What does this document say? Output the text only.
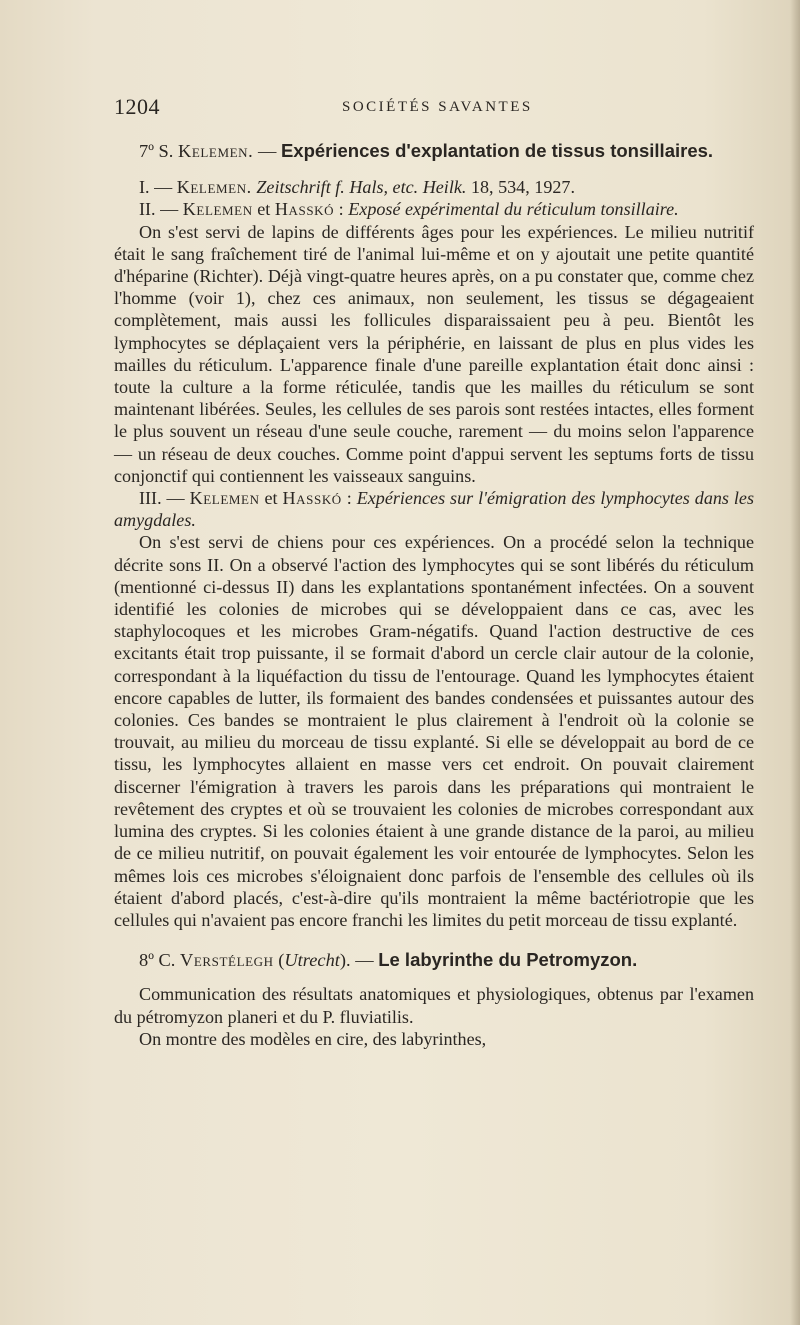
1204	SOCIÉTÉS SAVANTES

7º S. Kelemen. — Expériences d'explantation de tissus tonsillaires.

I. — Kelemen. Zeitschrift f. Hals, etc. Heilk. 18, 534, 1927.

II. — Kelemen et Hasskó : Exposé expérimental du réticulum tonsillaire.

On s'est servi de lapins de différents âges pour les expériences. Le milieu nutritif était le sang fraîchement tiré de l'animal lui-même et on y ajoutait une petite quantité d'héparine (Richter). Déjà vingt-quatre heures après, on a pu constater que, comme chez l'homme (voir 1), chez ces animaux, non seulement, les tissus se dégageaient complètement, mais aussi les follicules disparaissaient peu à peu. Bientôt les lymphocytes se déplaçaient vers la périphérie, en laissant de plus en plus vides les mailles du réticulum. L'apparence finale d'une pareille explantation était donc ainsi : toute la culture a la forme réticulée, tandis que les mailles du réticulum se sont maintenant libérées. Seules, les cellules de ses parois sont restées intactes, elles forment le plus souvent un réseau d'une seule couche, rarement — du moins selon l'apparence — un réseau de deux couches. Comme point d'appui servent les septums forts de tissu conjonctif qui contiennent les vaisseaux sanguins.

III. — Kelemen et Hasskó : Expériences sur l'émigration des lymphocytes dans les amygdales.

On s'est servi de chiens pour ces expériences. On a procédé selon la technique décrite sons II. On a observé l'action des lymphocytes qui se sont libérés du réticulum (mentionné ci-dessus II) dans les explantations spontanément infectées. On a souvent identifié les colonies de microbes qui se développaient dans ce cas, avec les staphylocoques et les microbes Gram-négatifs. Quand l'action destructive de ces excitants était trop puissante, il se formait d'abord un cercle clair autour de la colonie, correspondant à la liquéfaction du tissu de l'entourage. Quand les lymphocytes étaient encore capables de lutter, ils formaient des bandes condensées et puissantes autour des colonies. Ces bandes se montraient le plus clairement à l'endroit où la colonie se trouvait, au milieu du morceau de tissu explanté. Si elle se développait au bord de ce tissu, les lymphocytes allaient en masse vers cet endroit. On pouvait clairement discerner l'émigration à travers les parois dans les préparations qui montraient le revêtement des cryptes et où se trouvaient les colonies de microbes correspondant aux lumina des cryptes. Si les colonies étaient à une grande distance de la paroi, au milieu de ce milieu nutritif, on pouvait également les voir entourée de lymphocytes. Selon les mêmes lois ces microbes s'éloignaient donc parfois de l'ensemble des cellules où ils étaient d'abord placés, c'est-à-dire qu'ils montraient la même bactériotropie que les cellules qui n'avaient pas encore franchi les limites du petit morceau de tissu explanté.

8º C. Verstélegh (Utrecht). — Le labyrinthe du Petromyzon.

Communication des résultats anatomiques et physiologiques, obtenus par l'examen du pétromyzon planeri et du P. fluviatilis.

On montre des modèles en cire, des labyrinthes,
